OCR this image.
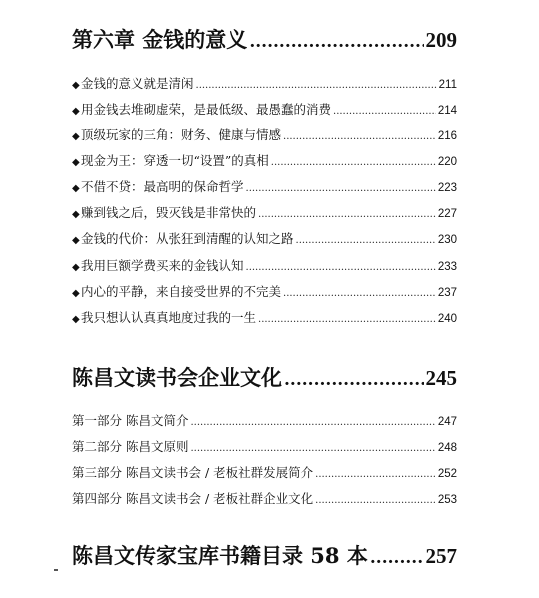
第六章 金钱的意义 .....	209
◆金钱的意义就是清闲 .....	211
◆用金钱去堆砌虚荣，是最低级、最愚蠢的消费 .....	214
◆顶级玩家的三角：财务、健康与情感 .....	216
◆现金为王：穿透一切“设置”的真相 .....	220
◆不借不贷：最高明的保命哲学 .....	223
◆赚到钱之后，毁灭钱是非常快的 .....	227
◆金钱的代价：从张狂到清醒的认知之路 .....	230
◆我用巨额学费买来的金钱认知 .....	233
◆内心的平静，来自接受世界的不完美 .....	237
◆我只想认认真真地度过我的一生 .....	240
陈昌文读书会企业文化 .....	245
第一部分 陈昌文简介 .....	247
第二部分 陈昌文原则 .....	248
第三部分 陈昌文读书会 / 老板社群发展简介 .....	252
第四部分 陈昌文读书会 / 老板社群企业文化 .....	253
陈昌文传家宝库书籍目录 58 本 .....	257
